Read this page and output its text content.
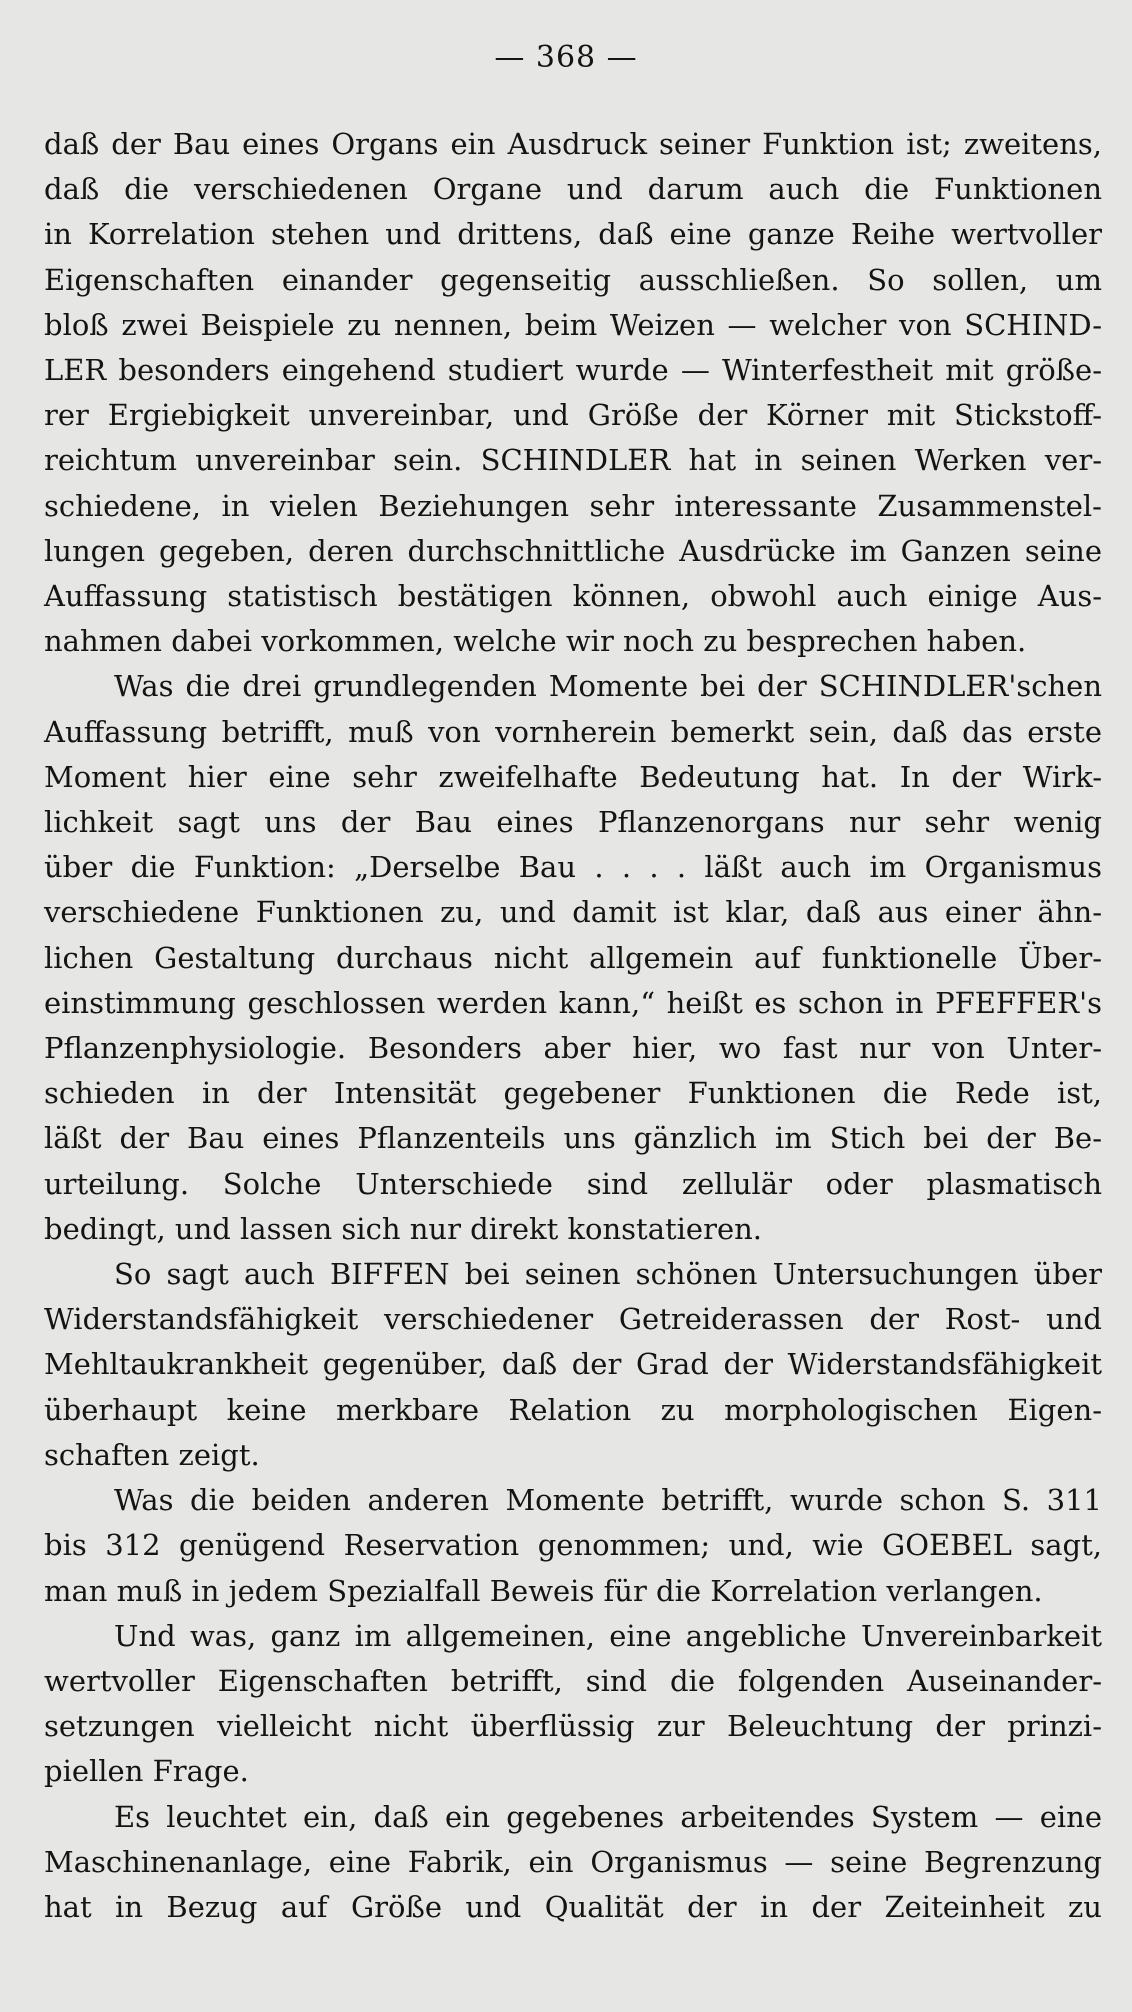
— 368 —
daß der Bau eines Organs ein Ausdruck seiner Funktion ist; zweitens,
daß die verschiedenen Organe und darum auch die Funktionen
in Korrelation stehen und drittens, daß eine ganze Reihe wertvoller
Eigenschaften einander gegenseitig ausschließen. So sollen, um
bloß zwei Beispiele zu nennen, beim Weizen — welcher von SCHIND-
LER besonders eingehend studiert wurde — Winterfestheit mit größe-
rer Ergiebigkeit unvereinbar, und Größe der Körner mit Stickstoff-
reichtum unvereinbar sein. SCHINDLER hat in seinen Werken ver-
schiedene, in vielen Beziehungen sehr interessante Zusammenstel-
lungen gegeben, deren durchschnittliche Ausdrücke im Ganzen seine
Auffassung statistisch bestätigen können, obwohl auch einige Aus-
nahmen dabei vorkommen, welche wir noch zu besprechen haben.
Was die drei grundlegenden Momente bei der SCHINDLER'schen
Auffassung betrifft, muß von vornherein bemerkt sein, daß das erste
Moment hier eine sehr zweifelhafte Bedeutung hat. In der Wirk-
lichkeit sagt uns der Bau eines Pflanzenorgans nur sehr wenig
über die Funktion: „Derselbe Bau . . . . läßt auch im Organismus
verschiedene Funktionen zu, und damit ist klar, daß aus einer ähn-
lichen Gestaltung durchaus nicht allgemein auf funktionelle Über-
einstimmung geschlossen werden kann,“ heißt es schon in PFEFFER's
Pflanzenphysiologie. Besonders aber hier, wo fast nur von Unter-
schieden in der Intensität gegebener Funktionen die Rede ist,
läßt der Bau eines Pflanzenteils uns gänzlich im Stich bei der Be-
urteilung. Solche Unterschiede sind zellulär oder plasmatisch
bedingt, und lassen sich nur direkt konstatieren.
So sagt auch BIFFEN bei seinen schönen Untersuchungen über
Widerstandsfähigkeit verschiedener Getreiderassen der Rost- und
Mehltaukrankheit gegenüber, daß der Grad der Widerstandsfähigkeit
überhaupt keine merkbare Relation zu morphologischen Eigen-
schaften zeigt.
Was die beiden anderen Momente betrifft, wurde schon S. 311
bis 312 genügend Reservation genommen; und, wie GOEBEL sagt,
man muß in jedem Spezialfall Beweis für die Korrelation verlangen.
Und was, ganz im allgemeinen, eine angebliche Unvereinbarkeit
wertvoller Eigenschaften betrifft, sind die folgenden Auseinander-
setzungen vielleicht nicht überflüssig zur Beleuchtung der prinzi-
piellen Frage.
Es leuchtet ein, daß ein gegebenes arbeitendes System — eine
Maschinenanlage, eine Fabrik, ein Organismus — seine Begrenzung
hat in Bezug auf Größe und Qualität der in der Zeiteinheit zu
